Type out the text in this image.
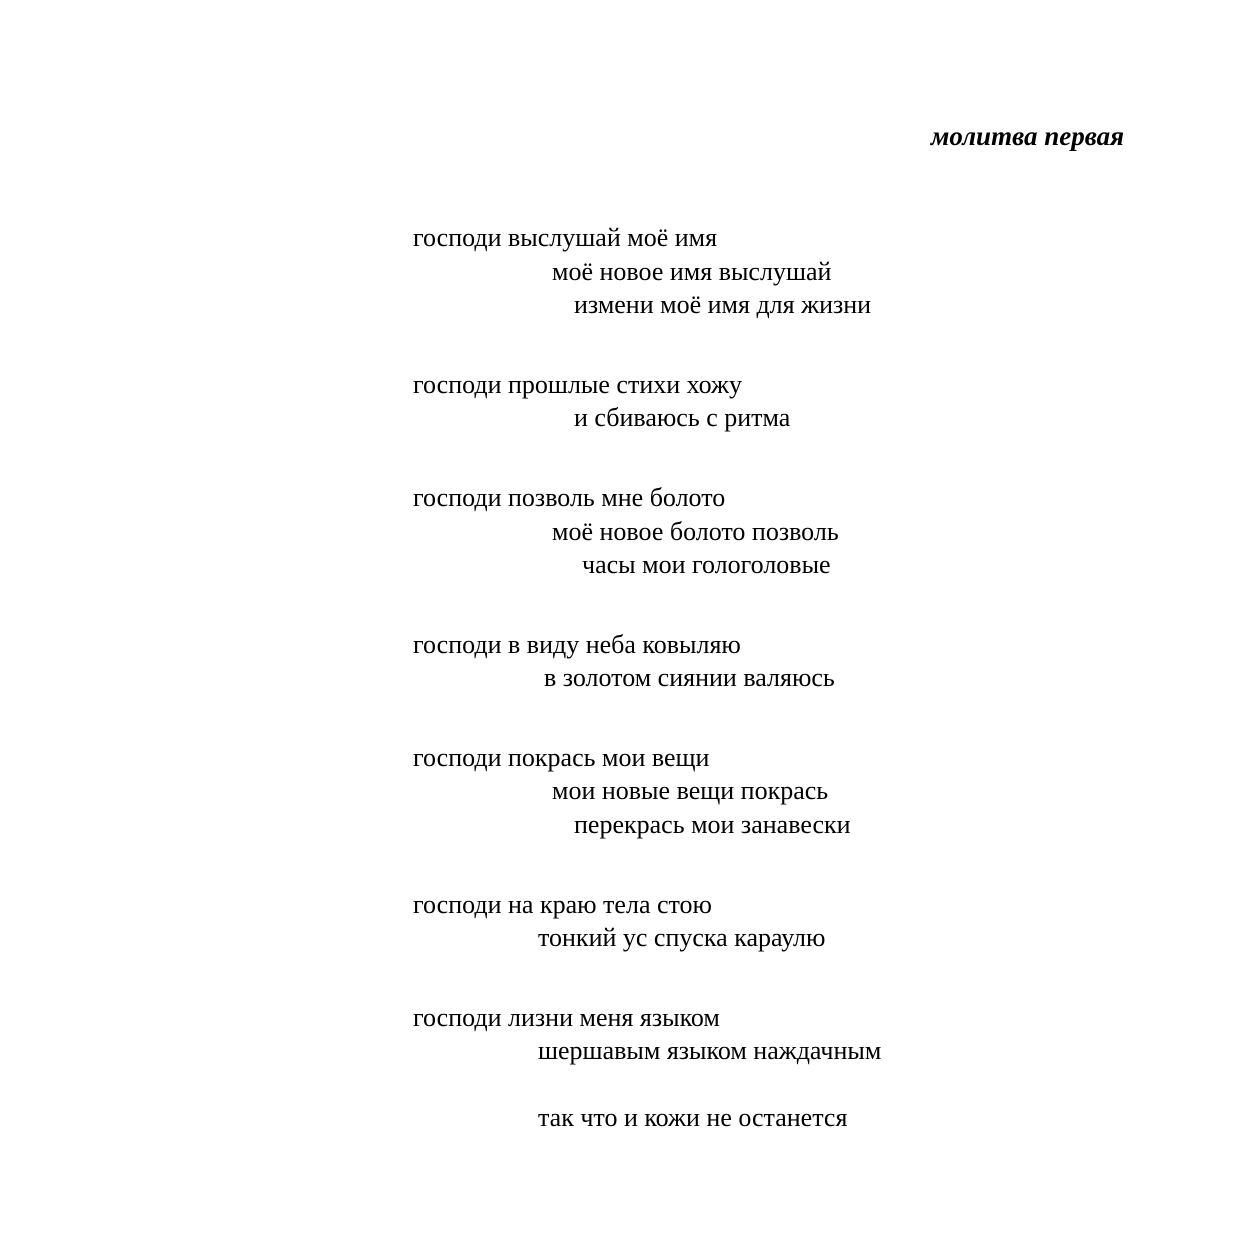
молитва первая
господи выслушай моё имя
моё новое имя выслушай
измени моё имя для жизни
господи прошлые стихи хожу
и сбиваюсь с ритма
господи позволь мне болото
моё новое болото позволь
часы мои гологоловые
господи в виду неба ковыляю
в золотом сиянии валяюсь
господи покрась мои вещи
мои новые вещи покрась
перекрась мои занавески
господи на краю тела стою
тонкий ус спуска караулю
господи лизни меня языком
шершавым языком наждачным
так что и кожи не останется
